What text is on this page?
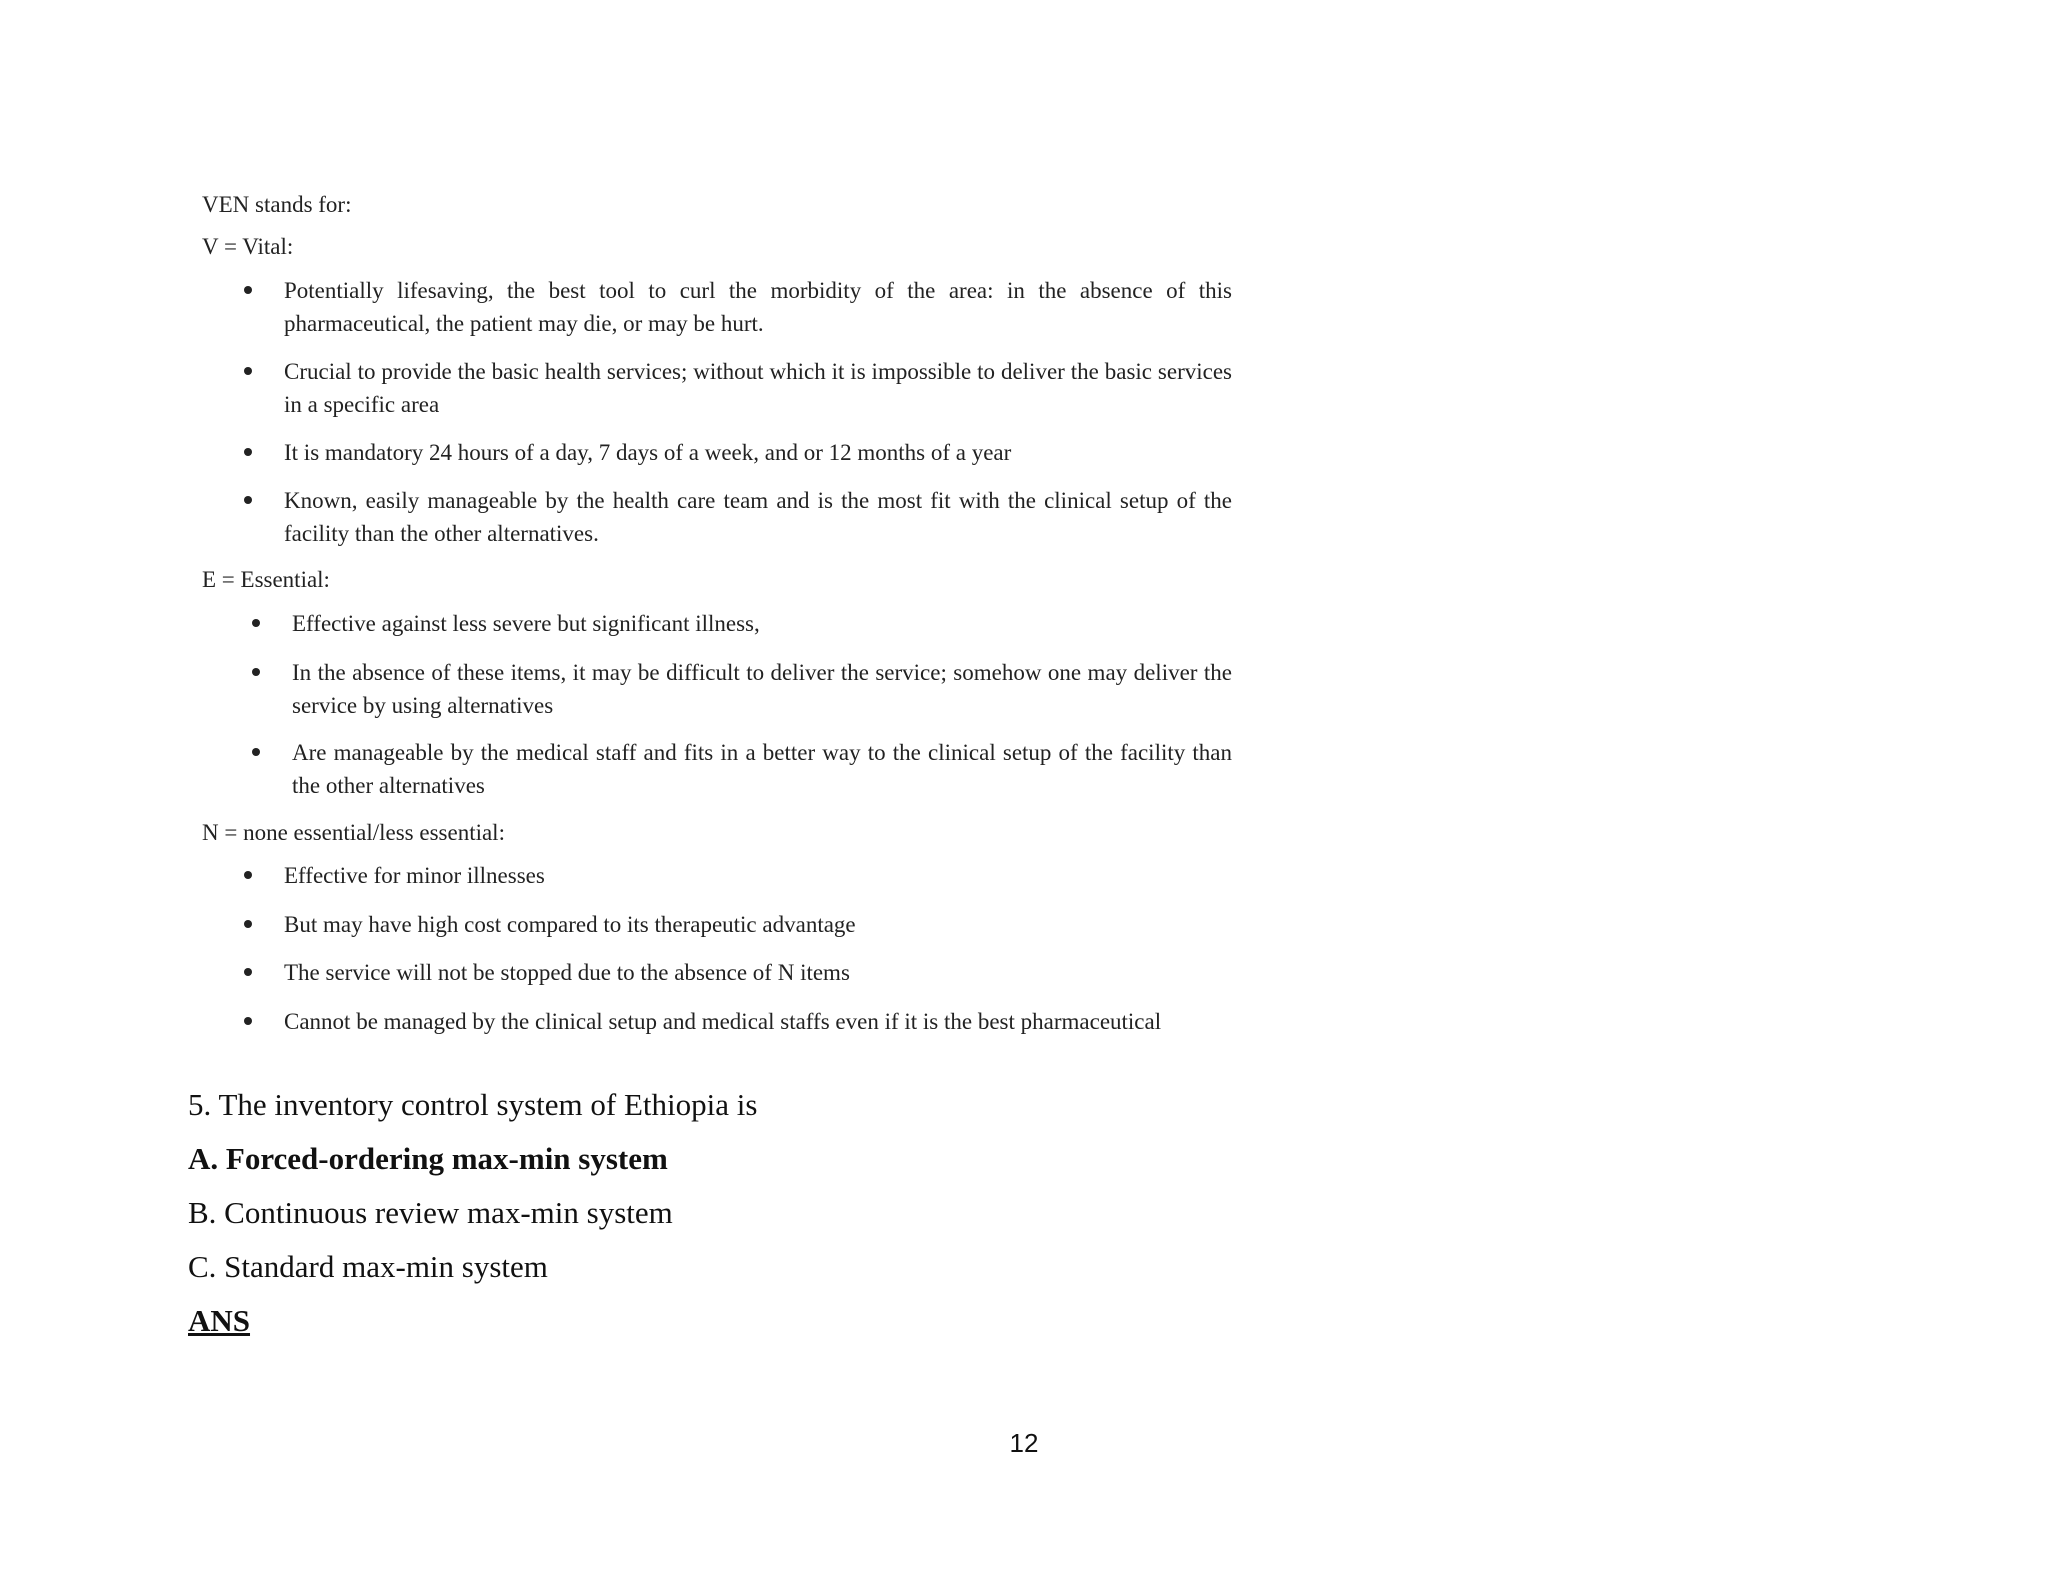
VEN stands for:
V = Vital:
Potentially lifesaving, the best tool to curl the morbidity of the area: in the absence of this pharmaceutical, the patient may die, or may be hurt.
Crucial to provide the basic health services; without which it is impossible to deliver the basic services in a specific area
It is mandatory 24 hours of a day, 7 days of a week, and or 12 months of a year
Known, easily manageable by the health care team and is the most fit with the clinical setup of the facility than the other alternatives.
E = Essential:
Effective against less severe but significant illness,
In the absence of these items, it may be difficult to deliver the service; somehow one may deliver the service by using alternatives
Are manageable by the medical staff and fits in a better way to the clinical setup of the facility than the other alternatives
N = none essential/less essential:
Effective for minor illnesses
But may have high cost compared to its therapeutic advantage
The service will not be stopped due to the absence of N items
Cannot be managed by the clinical setup and medical staffs even if it is the best pharmaceutical
5. The inventory control system of Ethiopia is
A. Forced-ordering max-min system
B. Continuous review max-min system
C. Standard max-min system
ANS
12
